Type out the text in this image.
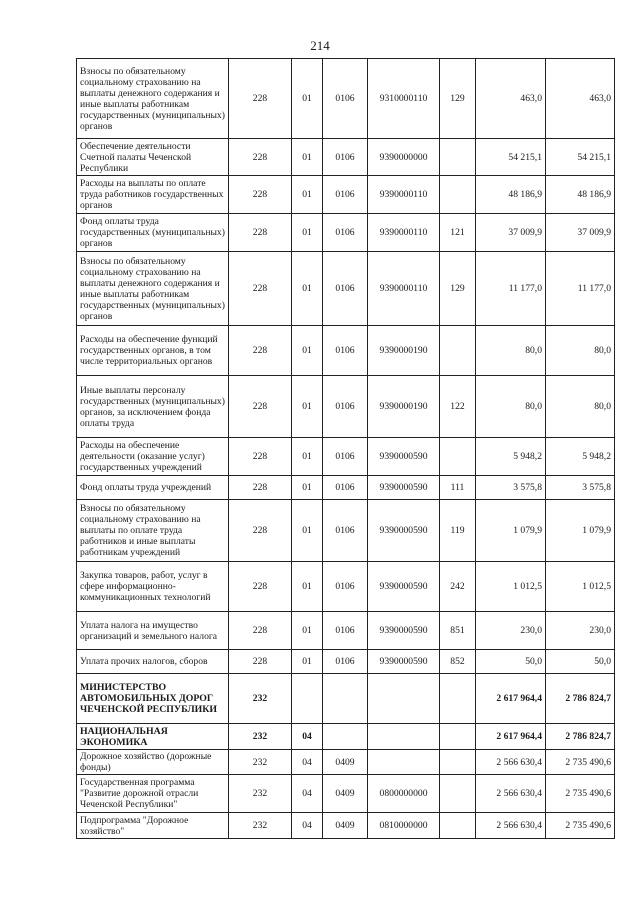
214
Взносы по обязательному социальному страхованию на выплаты денежного содержания и иные выплаты работникам государственных (муниципальных) органов	228	01	0106	9310000110	129	463,0	463,0
Обеспечение деятельности Счетной палаты Чеченской Республики	228	01	0106	9390000000		54 215,1	54 215,1
Расходы на выплаты по оплате труда работников государственных органов	228	01	0106	9390000110		48 186,9	48 186,9
Фонд оплаты труда государственных (муниципальных) органов	228	01	0106	9390000110	121	37 009,9	37 009,9
Взносы по обязательному социальному страхованию на выплаты денежного содержания и иные выплаты работникам государственных (муниципальных) органов	228	01	0106	9390000110	129	11 177,0	11 177,0
Расходы на обеспечение функций государственных органов, в том числе территориальных органов	228	01	0106	9390000190		80,0	80,0
Иные выплаты персоналу государственных (муниципальных) органов, за исключением фонда оплаты труда	228	01	0106	9390000190	122	80,0	80,0
Расходы на обеспечение деятельности (оказание услуг) государственных учреждений	228	01	0106	9390000590		5 948,2	5 948,2
Фонд оплаты труда учреждений	228	01	0106	9390000590	111	3 575,8	3 575,8
Взносы по обязательному социальному страхованию на выплаты по оплате труда работников и иные выплаты работникам учреждений	228	01	0106	9390000590	119	1 079,9	1 079,9
Закупка товаров, работ, услуг в сфере информационно-коммуникационных технологий	228	01	0106	9390000590	242	1 012,5	1 012,5
Уплата налога на имущество организаций и земельного налога	228	01	0106	9390000590	851	230,0	230,0
Уплата прочих налогов, сборов	228	01	0106	9390000590	852	50,0	50,0
МИНИСТЕРСТВО АВТОМОБИЛЬНЫХ ДОРОГ ЧЕЧЕНСКОЙ РЕСПУБЛИКИ	232					2 617 964,4	2 786 824,7
НАЦИОНАЛЬНАЯ ЭКОНОМИКА	232	04				2 617 964,4	2 786 824,7
Дорожное хозяйство (дорожные фонды)	232	04	0409			2 566 630,4	2 735 490,6
Государственная программа "Развитие дорожной отрасли Чеченской Республики"	232	04	0409	0800000000		2 566 630,4	2 735 490,6
Подпрограмма "Дорожное хозяйство"	232	04	0409	0810000000		2 566 630,4	2 735 490,6
